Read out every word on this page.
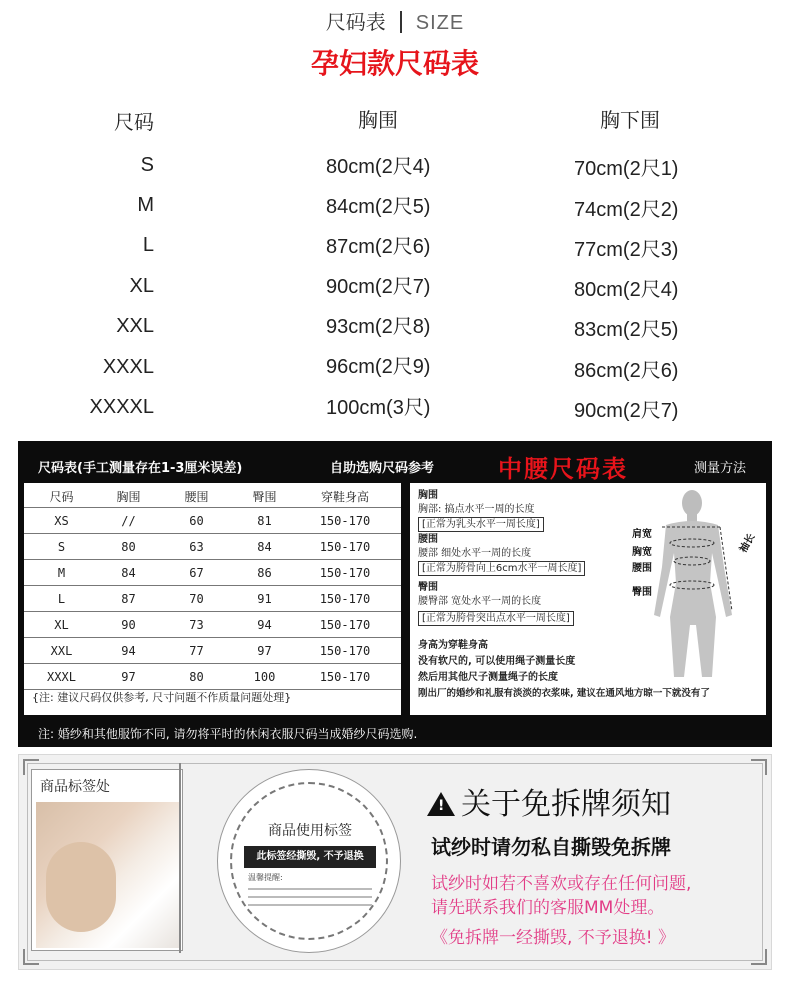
尺码表 SIZE
孕妇款尺码表
尺码	胸围	胸下围
S	80cm(2尺4)	70cm(2尺1)
M	84cm(2尺5)	74cm(2尺2)
L	87cm(2尺6)	77cm(2尺3)
XL	90cm(2尺7)	80cm(2尺4)
XXL	93cm(2尺8)	83cm(2尺5)
XXXL	96cm(2尺9)	86cm(2尺6)
XXXXL	100cm(3尺)	90cm(2尺7)
尺码表(手工测量存在1-3厘米误差)	自助选购尺码参考	中腰尺码表	测量方法
尺码	胸围	腰围	臀围	穿鞋身高
XS	//	60	81	150-170
S	80	63	84	150-170
M	84	67	86	150-170
L	87	70	91	150-170
XL	90	73	94	150-170
XXL	94	77	97	150-170
XXXL	97	80	100	150-170
{注: 建议尺码仅供参考, 尺寸问题不作质量问题处理}
胸围
胸部: 搞点水平一周的长度
[正常为乳头水平一周长度]
腰围
腰部 细处水平一周的长度
[正常为胯骨向上6cm水平一周长度]
臀围
腰臀部 宽处水平一周的长度
[正常为胯骨突出点水平一周长度]
身高为穿鞋身高
没有软尺的, 可以使用绳子测量长度
然后用其他尺子测量绳子的长度
刚出厂的婚纱和礼服有淡淡的衣浆味, 建议在通风地方晾一下就没有了
肩宽
胸宽
腰围
臀围
袖长
注: 婚纱和其他服饰不同, 请勿将平时的休闲衣服尺码当成婚纱尺码选购.
商品标签处
商品使用标签
此标签经撕毁, 不予退换
温馨提醒:
! 关于免拆牌须知
试纱时请勿私自撕毁免拆牌
试纱时如若不喜欢或存在任何问题,
请先联系我们的客服MM处理。
《免拆牌一经撕毁, 不予退换! 》
